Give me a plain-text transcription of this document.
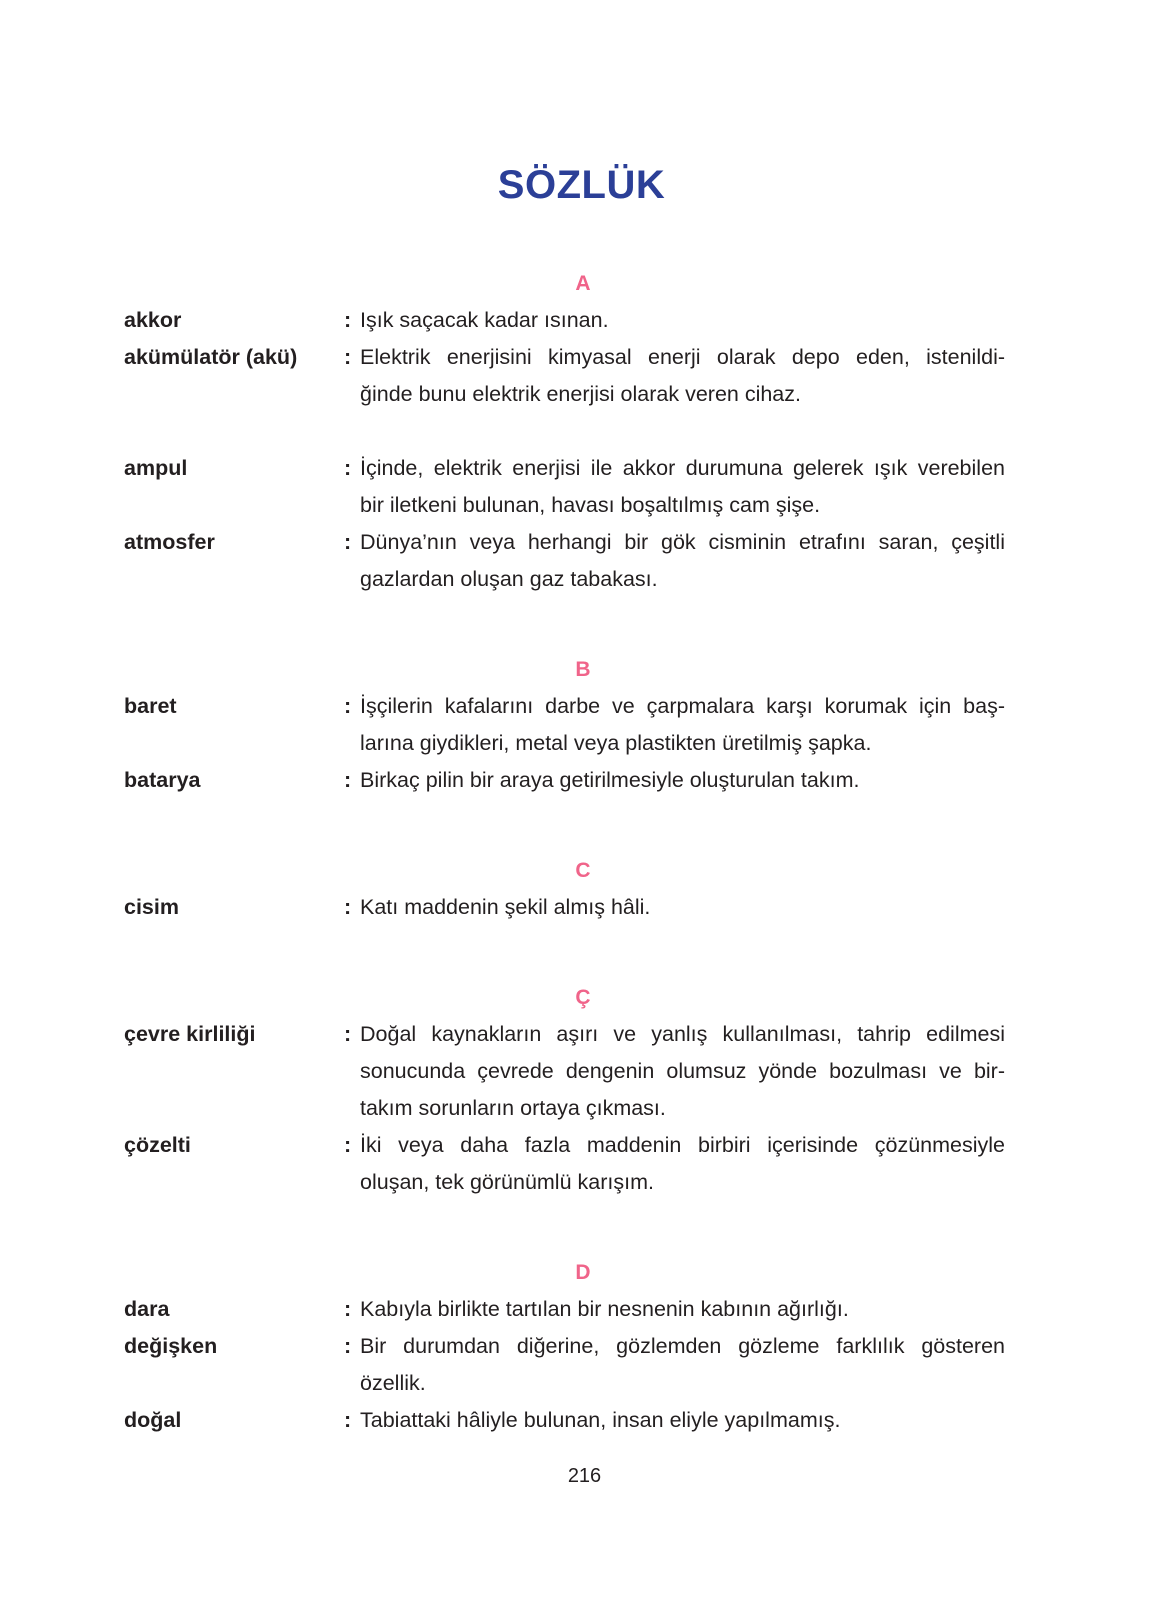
SÖZLÜK
A
akkor	: Işık saçacak kadar ısınan.
akümülatör (akü) : Elektrik enerjisini kimyasal enerji olarak depo eden, istenildi-
ğinde bunu elektrik enerjisi olarak veren cihaz.
ampul	: İçinde, elektrik enerjisi ile akkor durumuna gelerek ışık verebilen
bir iletkeni bulunan, havası boşaltılmış cam şişe.
atmosfer	: Dünya’nın veya herhangi bir gök cisminin etrafını saran, çeşitli
gazlardan oluşan gaz tabakası.
B
baret	: İşçilerin kafalarını darbe ve çarpmalara karşı korumak için baş-
larına giydikleri, metal veya plastikten üretilmiş şapka.
batarya	: Birkaç pilin bir araya getirilmesiyle oluşturulan takım.
C
cisim	: Katı maddenin şekil almış hâli.
Ç
çevre kirliliği	: Doğal kaynakların aşırı ve yanlış kullanılması, tahrip edilmesi
sonucunda çevrede dengenin olumsuz yönde bozulması ve bir-
takım sorunların ortaya çıkması.
çözelti	: İki veya daha fazla maddenin birbiri içerisinde çözünmesiyle
oluşan, tek görünümlü karışım.
D
dara	: Kabıyla birlikte tartılan bir nesnenin kabının ağırlığı.
değişken	: Bir durumdan diğerine, gözlemden gözleme farklılık gösteren
özellik.
doğal	: Tabiattaki hâliyle bulunan, insan eliyle yapılmamış.
216
